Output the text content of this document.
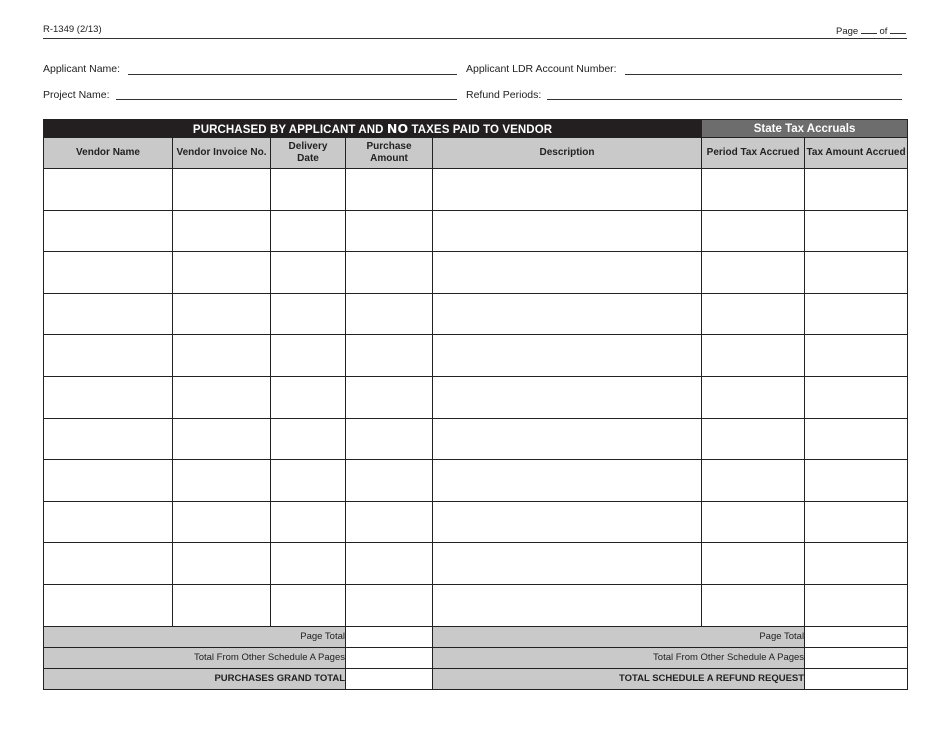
R-1349 (2/13)	Page of
Applicant Name:	Applicant LDR Account Number:
Project Name:	Refund Periods:
PURCHASED BY APPLICANT AND NO TAXES PAID TO VENDOR					State Tax Accruals	
Vendor Name	Vendor Invoice No.	Delivery Date	Purchase Amount	Description	Period Tax Accrued	Tax Amount Accrued

Page Total				Page Total		
Total From Other Schedule A Pages				Total From Other Schedule A Pages		
PURCHASES GRAND TOTAL				TOTAL SCHEDULE A REFUND REQUEST		
